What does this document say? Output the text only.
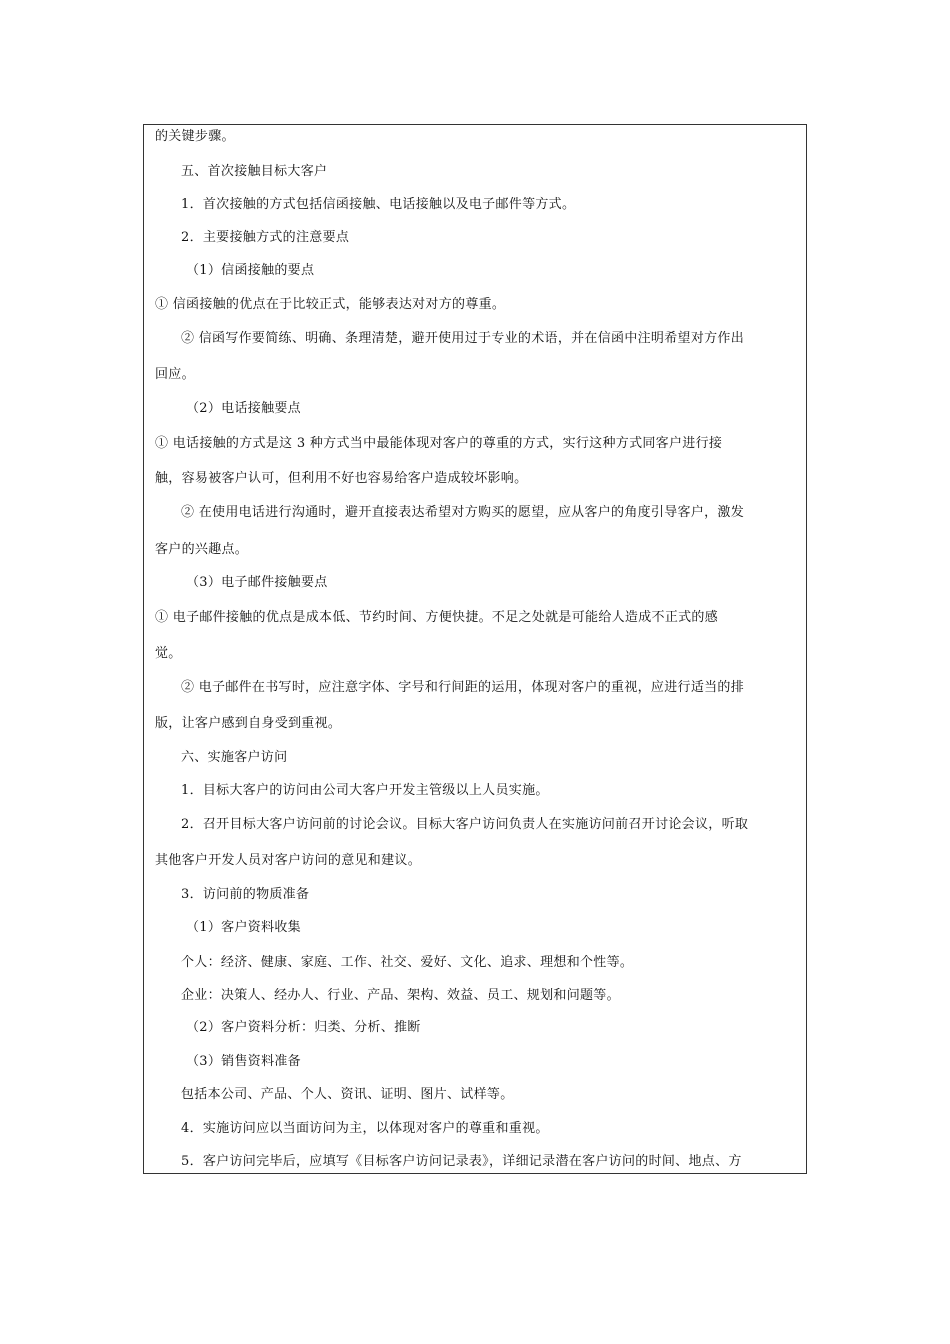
的关键步骤。
五、首次接触目标大客户
1．首次接触的方式包括信函接触、电话接触以及电子邮件等方式。
2．主要接触方式的注意要点
（1）信函接触的要点
① 信函接触的优点在于比较正式，能够表达对对方的尊重。
② 信函写作要简练、明确、条理清楚，避开使用过于专业的术语，并在信函中注明希望对方作出
回应。
（2）电话接触要点
① 电话接触的方式是这 3 种方式当中最能体现对客户的尊重的方式，实行这种方式同客户进行接
触，容易被客户认可，但利用不好也容易给客户造成较坏影响。
② 在使用电话进行沟通时，避开直接表达希望对方购买的愿望，应从客户的角度引导客户，激发
客户的兴趣点。
（3）电子邮件接触要点
① 电子邮件接触的优点是成本低、节约时间、方便快捷。不足之处就是可能给人造成不正式的感
觉。
② 电子邮件在书写时，应注意字体、字号和行间距的运用，体现对客户的重视，应进行适当的排
版，让客户感到自身受到重视。
六、实施客户访问
1．目标大客户的访问由公司大客户开发主管级以上人员实施。
2．召开目标大客户访问前的讨论会议。目标大客户访问负责人在实施访问前召开讨论会议，听取
其他客户开发人员对客户访问的意见和建议。
3．访问前的物质准备
（1）客户资料收集
个人：经济、健康、家庭、工作、社交、爱好、文化、追求、理想和个性等。
企业：决策人、经办人、行业、产品、架构、效益、员工、规划和问题等。
（2）客户资料分析：归类、分析、推断
（3）销售资料准备
包括本公司、产品、个人、资讯、证明、图片、试样等。
4．实施访问应以当面访问为主，以体现对客户的尊重和重视。
5．客户访问完毕后，应填写《目标客户访问记录表》，详细记录潜在客户访问的时间、地点、方
